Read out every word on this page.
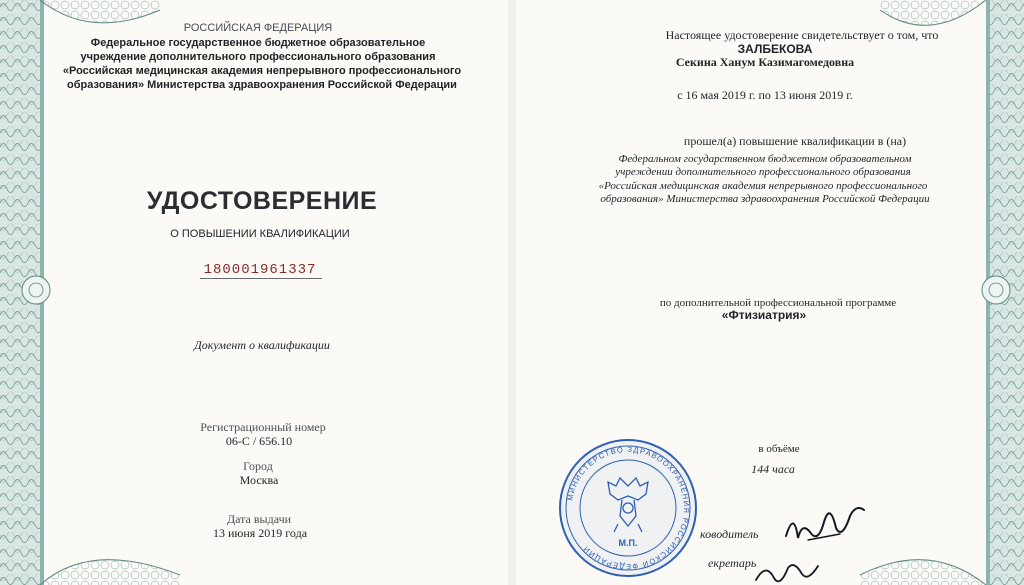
РОССИЙСКАЯ ФЕДЕРАЦИЯ
Федеральное государственное бюджетное образовательное
учреждение дополнительного профессионального образования
«Российская медицинская академия непрерывного профессионального
образования» Министерства здравоохранения Российской Федерации
УДОСТОВЕРЕНИЕ
О ПОВЫШЕНИИ КВАЛИФИКАЦИИ
180001961337
Документ о квалификации
Регистрационный номер
06-С / 656.10
Город
Москва
Дата выдачи
13 июня 2019 года
Настоящее удостоверение свидетельствует о том, что
ЗАЛБЕКОВА
Секина Ханум Казимагомедовна
с 16 мая 2019 г. по 13 июня 2019 г.
прошел(а) повышение квалификации в (на)
Федеральном государственном бюджетном образовательном
учреждении дополнительного профессионального образования
«Российская медицинская академия непрерывного профессионального
образования» Министерства здравоохранения Российской Федерации
по дополнительной профессиональной программе
«Фтизиатрия»
в объёме
144 часа
ководитель
екретарь
МИНИСТЕРСТВО ЗДРАВООХРАНЕНИЯ РОССИЙСКОЙ ФЕДЕРАЦИИ
М.П.
